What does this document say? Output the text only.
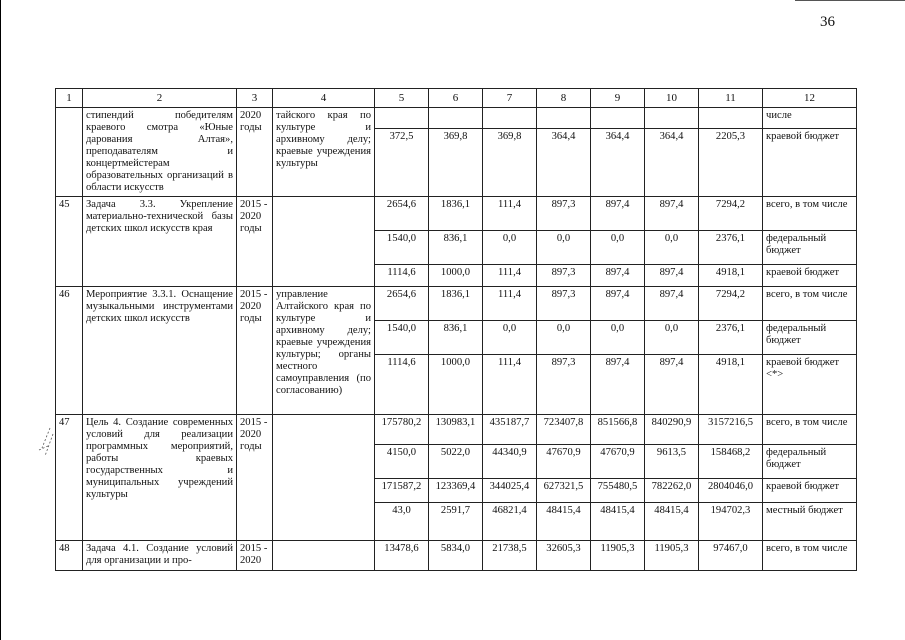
36
1	2	3	4	5	6	7	8	9	10	11	12
	стипендий победителям краевого смотра «Юные дарования Алтая», преподавателям и концертмейстерам образовательных организаций в области искусств	2020 годы	тайского края по культуре и архивному делу; краевые учреждения культуры								числе
				372,5	369,8	369,8	364,4	364,4	364,4	2205,3	краевой бюджет
45	Задача 3.3. Укрепление материально-технической базы детских школ искусств края	2015 - 2020 годы		2654,6	1836,1	111,4	897,3	897,4	897,4	7294,2	всего, в том числе
				1540,0	836,1	0,0	0,0	0,0	0,0	2376,1	федеральный бюджет
				1114,6	1000,0	111,4	897,3	897,4	897,4	4918,1	краевой бюджет
46	Мероприятие 3.3.1. Оснащение музыкальными инструментами детских школ искусств	2015 - 2020 годы	управление Алтайского края по культуре и архивному делу; краевые учреждения культуры; органы местного самоуправления (по согласованию)	2654,6	1836,1	111,4	897,3	897,4	897,4	7294,2	всего, в том числе
				1540,0	836,1	0,0	0,0	0,0	0,0	2376,1	федеральный бюджет
				1114,6	1000,0	111,4	897,3	897,4	897,4	4918,1	краевой бюджет <*>
47	Цель 4. Создание современных условий для реализации программных мероприятий, работы краевых государственных и муниципальных учреждений культуры	2015 - 2020 годы		175780,2	130983,1	435187,7	723407,8	851566,8	840290,9	3157216,5	всего, в том числе
				4150,0	5022,0	44340,9	47670,9	47670,9	9613,5	158468,2	федеральный бюджет
				171587,2	123369,4	344025,4	627321,5	755480,5	782262,0	2804046,0	краевой бюджет
				43,0	2591,7	46821,4	48415,4	48415,4	48415,4	194702,3	местный бюджет
48	Задача 4.1. Создание условий для организации и про-	2015 - 2020		13478,6	5834,0	21738,5	32605,3	11905,3	11905,3	97467,0	всего, в том числе
